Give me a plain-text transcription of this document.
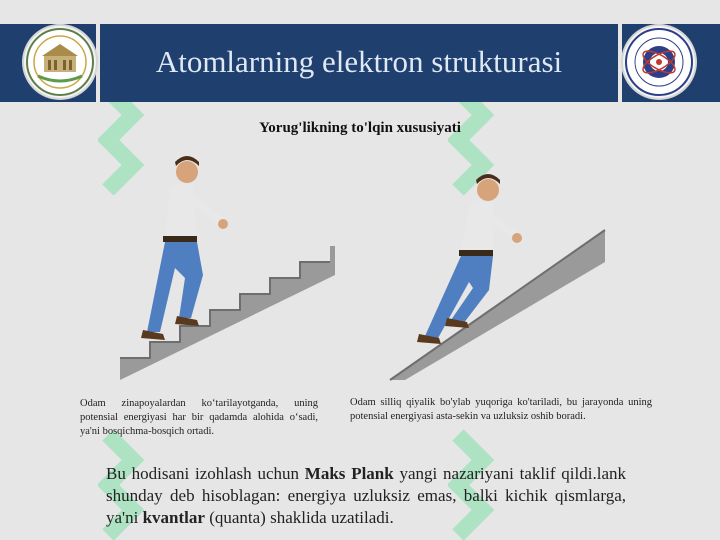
Atomlarning elektron strukturasi
Yorug'likning to'lqin xususiyati
Odam zinapoyalardan ko‘tarilayotganda, uning potensial energiyasi har bir qadamda alohida o‘sadi, ya'ni bosqichma-bosqich ortadi.
Odam silliq qiyalik bo'ylab yuqoriga ko'tariladi, bu jarayonda uning potensial energiyasi asta-sekin va uzluksiz oshib boradi.
Bu hodisani izohlash uchun Maks Plank yangi nazariyani taklif qildi.lank shunday deb hisoblagan: energiya uzluksiz emas, balki kichik qismlarga, ya'ni kvantlar (quanta) shaklida uzatiladi.
